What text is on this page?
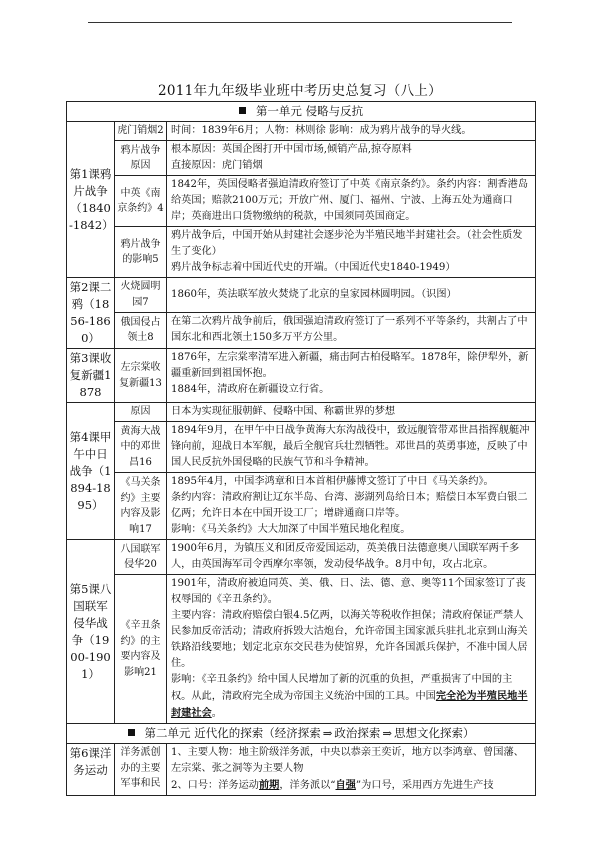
2011年九年级毕业班中考历史总复习（八上）
第一单元 侵略与反抗		
第1课鸦片战争（1840-1842）	虎门销烟2	时间：1839年6月；人物：林则徐 影响：成为鸦片战争的导火线。
	鸦片战争原因	根本原因：英国企图打开中国市场,倾销产品,掠夺原料
直接原因：虎门销烟

	中英《南京条约》4	1842年，英国侵略者强迫清政府签订了中英《南京条约》。条约内容：割香港岛给英国；赔款2100万元；开放广州、厦门、福州、宁波、上海五处为通商口岸；英商进出口货物缴纳的税款，中国须同英国商定。
	鸦片战争的影响5	鸦片战争后，中国开始从封建社会逐步沦为半殖民地半封建社会。（社会性质发生了变化）
鸦片战争标志着中国近代史的开端。（中国近代史1840-1949）

第2课二鸦（1856-1860）	火烧圆明园7	1860年，英法联军放火焚烧了北京的皇家园林圆明园。（识图）
	俄国侵占领土8	在第二次鸦片战争前后，俄国强迫清政府签订了一系列不平等条约，共割占了中国东北和西北领土150多万平方公里。
第3课收复新疆1878	左宗棠收复新疆13	1876年，左宗棠率清军进入新疆，痛击阿古柏侵略军。1878年，除伊犁外，新疆重新回到祖国怀抱。
1884年，清政府在新疆设立行省。

第4课甲午中日战争（1894-1895）	原因	日本为实现征服朝鲜、侵略中国、称霸世界的梦想
	黄海大战中的邓世昌16	1894年9月，在甲午中日战争黄海大东沟战役中，致远舰管带邓世昌指挥舰艇冲锋向前，迎战日本军舰，最后全舰官兵壮烈牺牲。邓世昌的英勇事迹，反映了中国人民反抗外国侵略的民族气节和斗争精神。
	《马关条约》主要内容及影响17	1895年4月，中国李鸿章和日本首相伊藤博文签订了中日《马关条约》。
条约内容：清政府割让辽东半岛、台湾、澎湖列岛给日本；赔偿日本军费白银二亿两；允许日本在中国开设工厂；增辟通商口岸等。
影响：《马关条约》大大加深了中国半殖民地化程度。

第5课八国联军侵华战争（1900-1901）	八国联军侵华20	1900年6月，为镇压义和团反帝爱国运动，英美俄日法德意奥八国联军两千多人，由英国海军司令西摩尔率领，发动侵华战争。8月中旬，攻占北京。
	《辛丑条约》的主要内容及影响21	1901年，清政府被迫同英、美、俄、日、法、德、意、奥等11个国家签订了丧权辱国的《辛丑条约》。
主要内容：清政府赔偿白银4.5亿两，以海关等税收作担保；清政府保证严禁人民参加反帝活动；清政府拆毁大沽炮台，允许帝国主国家派兵驻扎北京到山海关铁路沿线要地；划定北京东交民巷为使馆界，允许各国派兵保护，不准中国人居住。
影响：《辛丑条约》给中国人民增加了新的沉重的负担，严重损害了中国的主权。从此，清政府完全成为帝国主义统治中国的工具。中国完全沦为半殖民地半封建社会。

第二单元 近代化的探索（经济探索 ⇒ 政治探索 ⇒ 思想文化探索）		
第6课洋务运动	洋务派创办的主要军事和民	1、主要人物：地主阶级洋务派，中央以恭亲王奕䜣，地方以李鸿章、曾国藩、左宗棠、张之洞等为主要人物
2、口号：洋务运动前期，洋务派以“自强”为口号，采用西方先进生产技
